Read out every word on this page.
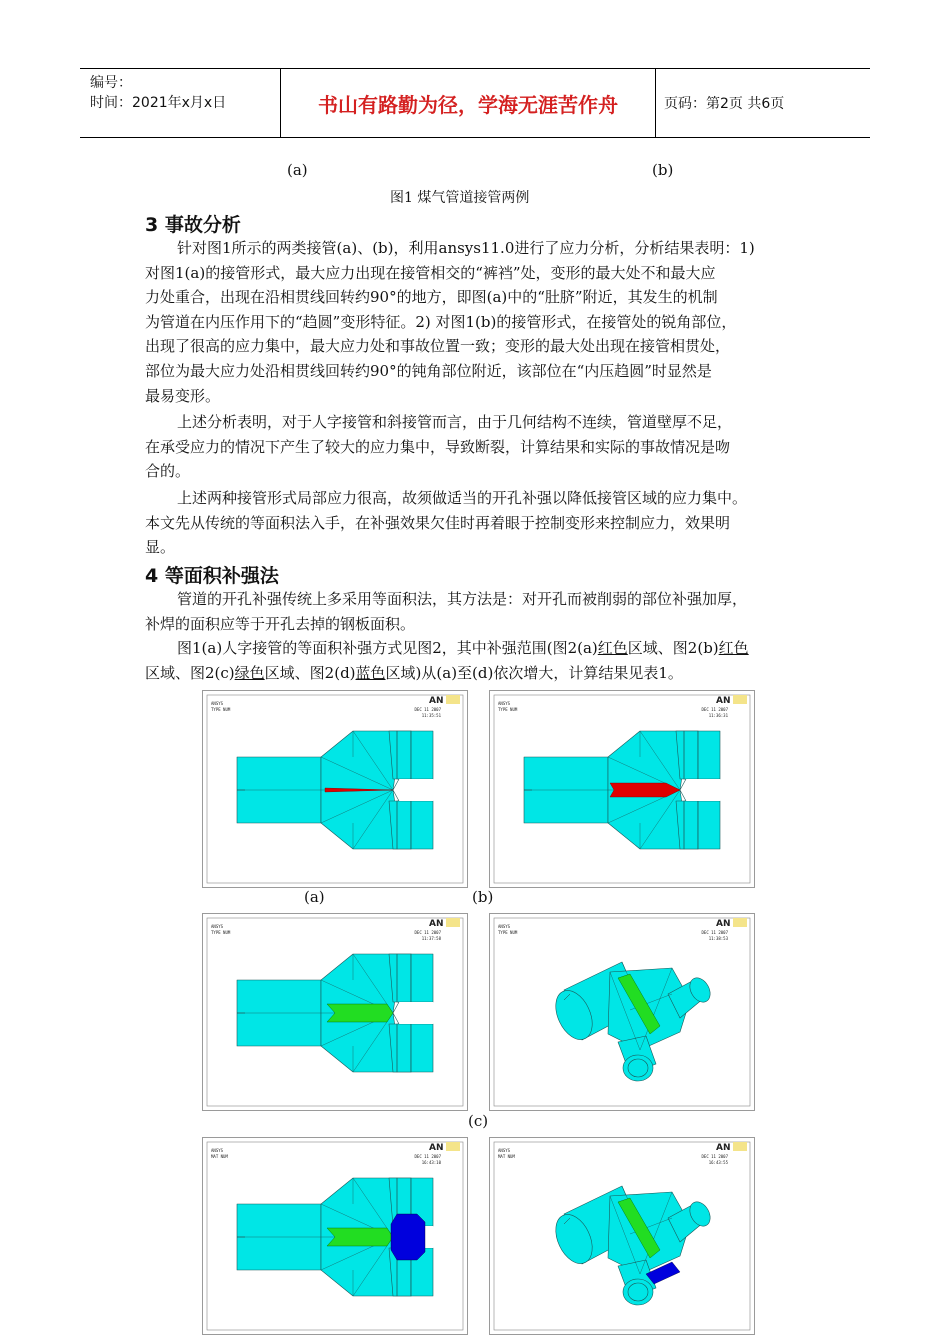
编号：
时间：2021年x月x日	书山有路勤为径，学海无涯苦作舟	页码：第2页 共6页
(a)	(b)
图1 煤气管道接管两例
3 事故分析
针对图1所示的两类接管(a)、(b)，利用ansys11.0进行了应力分析，分析结果表明：1)
对图1(a)的接管形式，最大应力出现在接管相交的“裤裆”处，变形的最大处不和最大应
力处重合，出现在沿相贯线回转约90°的地方，即图(a)中的“肚脐”附近，其发生的机制
为管道在内压作用下的“趋圆”变形特征。2) 对图1(b)的接管形式，在接管处的锐角部位，
出现了很高的应力集中，最大应力处和事故位置一致；变形的最大处出现在接管相贯处，
部位为最大应力处沿相贯线回转约90°的钝角部位附近，该部位在“内压趋圆”时显然是
最易变形。
上述分析表明，对于人字接管和斜接管而言，由于几何结构不连续，管道壁厚不足，
在承受应力的情况下产生了较大的应力集中，导致断裂，计算结果和实际的事故情况是吻
合的。
上述两种接管形式局部应力很高，故须做适当的开孔补强以降低接管区域的应力集中。
本文先从传统的等面积法入手，在补强效果欠佳时再着眼于控制变形来控制应力，效果明
显。
4 等面积补强法
管道的开孔补强传统上多采用等面积法，其方法是：对开孔而被削弱的部位补强加厚，
补焊的面积应等于开孔去掉的钢板面积。
图1(a)人字接管的等面积补强方式见图2，其中补强范围(图2(a)红色区域、图2(b)红色
区域、图2(c)绿色区域、图2(d)蓝色区域)从(a)至(d)依次增大，计算结果见表1。
ANSYS
TYPE NUM	DEC 11 2007
11:35:51
AN	ANSYS
TYPE NUM	DEC 11 2007
11:36:31
AN
(a)	(b)
ANSYS
TYPE NUM	DEC 11 2007
11:37:58
AN	ANSYS
TYPE NUM	DEC 11 2007
11:38:53
AN
(c)
ANSYS
MAT NUM	DEC 11 2007
16:43:10
AN	ANSYS
MAT NUM	DEC 11 2007
16:43:55
AN
